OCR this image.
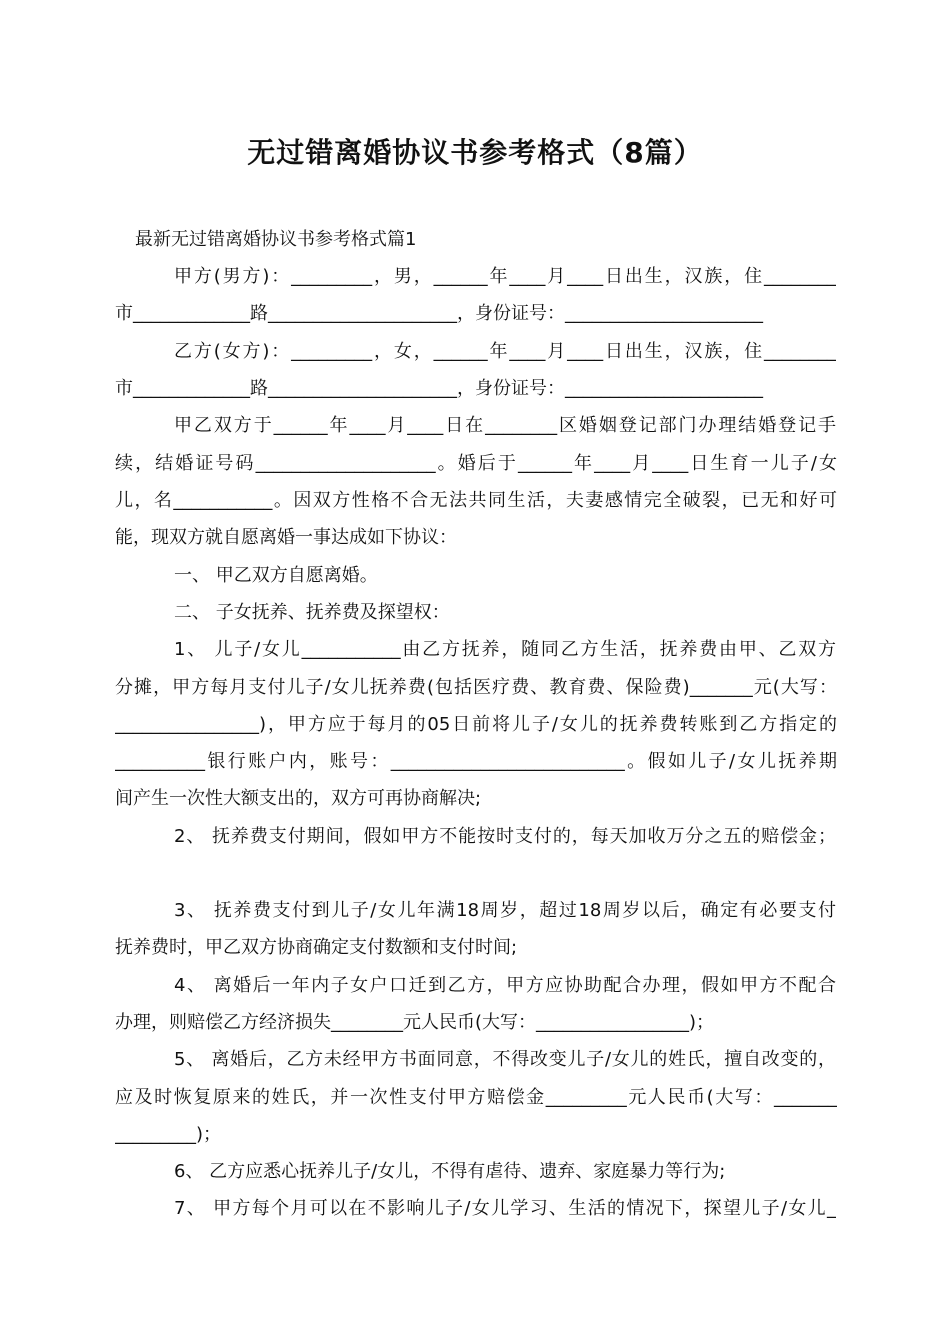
无过错离婚协议书参考格式（8篇）
最新无过错离婚协议书参考格式篇1
甲方(男方)：_________，男，______年____月____日出生，汉族，住________
市_____________路_____________________，身份证号：______________________
乙方(女方)：_________，女，______年____月____日出生，汉族，住________
市_____________路_____________________，身份证号：______________________
甲乙双方于______年____月____日在________区婚姻登记部门办理结婚登记手
续，结婚证号码____________________。婚后于______年____月____日生育一儿子/女
儿，名___________。因双方性格不合无法共同生活，夫妻感情完全破裂，已无和好可
能，现双方就自愿离婚一事达成如下协议：
一、 甲乙双方自愿离婚。
二、 子女抚养、抚养费及探望权：
1、 儿子/女儿___________由乙方抚养，随同乙方生活，抚养费由甲、乙双方
分摊，甲方每月支付儿子/女儿抚养费(包括医疗费、教育费、保险费)_______元(大写：
________________)，甲方应于每月的05日前将儿子/女儿的抚养费转账到乙方指定的
__________银行账户内，账号：__________________________。假如儿子/女儿抚养期
间产生一次性大额支出的，双方可再协商解决;
2、 抚养费支付期间，假如甲方不能按时支付的，每天加收万分之五的赔偿金；
3、 抚养费支付到儿子/女儿年满18周岁，超过18周岁以后，确定有必要支付
抚养费时，甲乙双方协商确定支付数额和支付时间;
4、 离婚后一年内子女户口迁到乙方，甲方应协助配合办理，假如甲方不配合
办理，则赔偿乙方经济损失________元人民币(大写：_________________)；
5、 离婚后，乙方未经甲方书面同意，不得改变儿子/女儿的姓氏，擅自改变的，
应及时恢复原来的姓氏，并一次性支付甲方赔偿金_________元人民币(大写：_______
_________)；
6、 乙方应悉心抚养儿子/女儿，不得有虐待、遗弃、家庭暴力等行为;
7、 甲方每个月可以在不影响儿子/女儿学习、生活的情况下，探望儿子/女儿_
